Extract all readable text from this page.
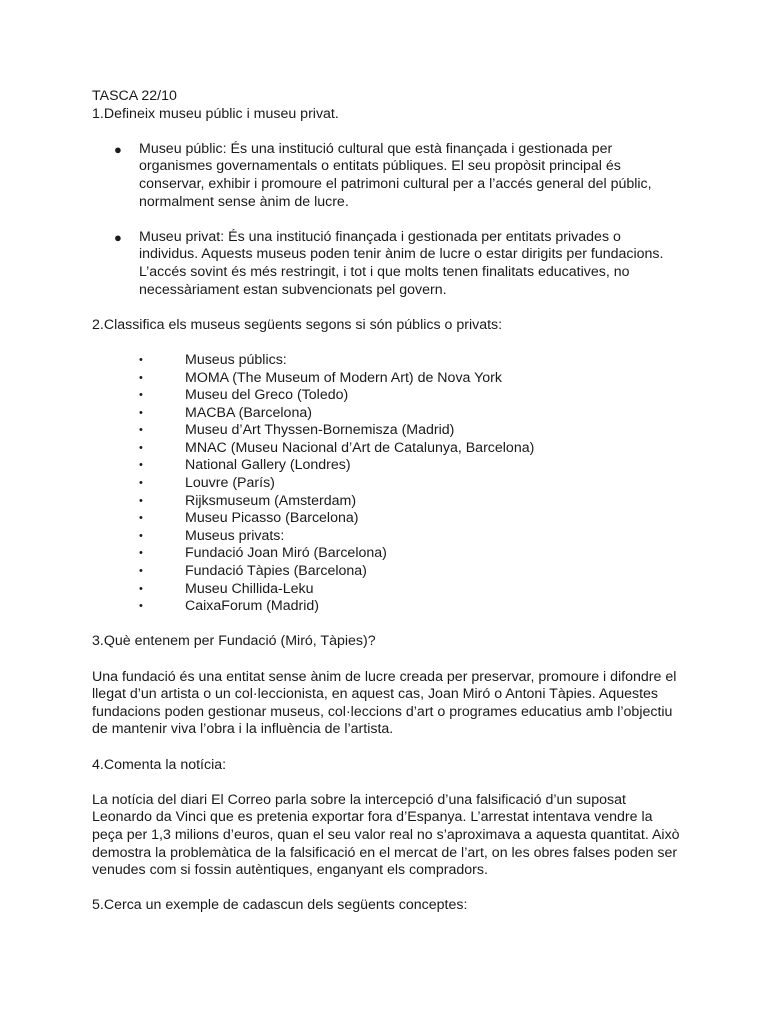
TASCA 22/10

1.Defineix museu públic i museu privat.

● Museu públic: És una institució cultural que està finançada i gestionada per organismes governamentals o entitats públiques. El seu propòsit principal és conservar, exhibir i promoure el patrimoni cultural per a l’accés general del públic, normalment sense ànim de lucre.
● Museu privat: És una institució finançada i gestionada per entitats privades o individus. Aquests museus poden tenir ànim de lucre o estar dirigits per fundacions. L’accés sovint és més restringit, i tot i que molts tenen finalitats educatives, no necessàriament estan subvencionats pel govern.

2.Classifica els museus següents segons si són públics o privats:

•	Museus públics:
•	MOMA (The Museum of Modern Art) de Nova York
•	Museu del Greco (Toledo)
•	MACBA (Barcelona)
•	Museu d’Art Thyssen-Bornemisza (Madrid)
•	MNAC (Museu Nacional d’Art de Catalunya, Barcelona)
•	National Gallery (Londres)
•	Louvre (París)
•	Rijksmuseum (Amsterdam)
•	Museu Picasso (Barcelona)
•	Museus privats:
•	Fundació Joan Miró (Barcelona)
•	Fundació Tàpies (Barcelona)
•	Museu Chillida-Leku
•	CaixaForum (Madrid)

3.Què entenem per Fundació (Miró, Tàpies)?

Una fundació és una entitat sense ànim de lucre creada per preservar, promoure i difondre el llegat d’un artista o un col·leccionista, en aquest cas, Joan Miró o Antoni Tàpies. Aquestes fundacions poden gestionar museus, col·leccions d’art o programes educatius amb l’objectiu de mantenir viva l’obra i la influència de l’artista.

4.Comenta la notícia:

La notícia del diari El Correo parla sobre la intercepció d’una falsificació d’un suposat Leonardo da Vinci que es pretenia exportar fora d’Espanya. L’arrestat intentava vendre la peça per 1,3 milions d’euros, quan el seu valor real no s’aproximava a aquesta quantitat. Això demostra la problemàtica de la falsificació en el mercat de l’art, on les obres falses poden ser venudes com si fossin autèntiques, enganyant els compradors.

5.Cerca un exemple de cadascun dels següents conceptes:
